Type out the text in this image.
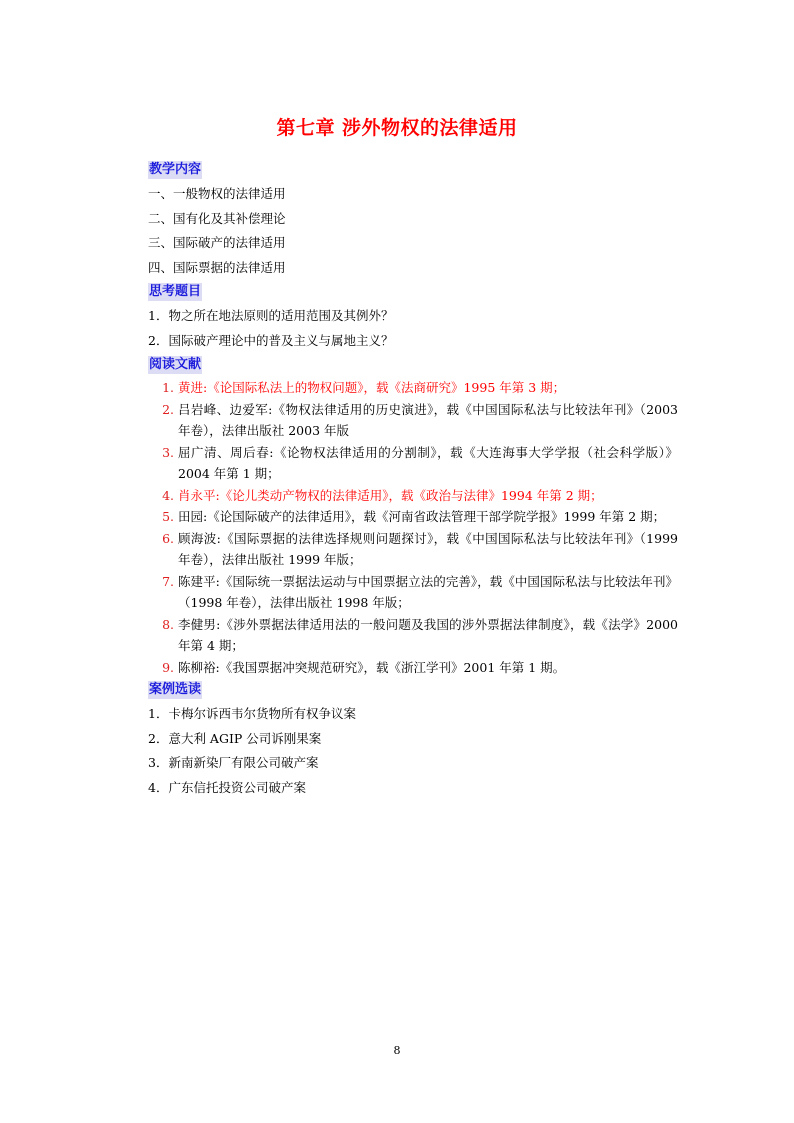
第七章 涉外物权的法律适用
教学内容
一、一般物权的法律适用
二、国有化及其补偿理论
三、国际破产的法律适用
四、国际票据的法律适用
思考题目
1．物之所在地法原则的适用范围及其例外？
2．国际破产理论中的普及主义与属地主义？
阅读文献
1. 黄进:《论国际私法上的物权问题》，载《法商研究》1995 年第 3 期；
2. 吕岩峰、边爱军:《物权法律适用的历史演进》，载《中国国际私法与比较法年刊》（2003 年卷），法律出版社 2003 年版
3. 屈广清、周后春:《论物权法律适用的分割制》，载《大连海事大学学报（社会科学版）》2004 年第 1 期；
4. 肖永平:《论儿类动产物权的法律适用》，载《政治与法律》1994 年第 2 期；
5. 田园:《论国际破产的法律适用》，载《河南省政法管理干部学院学报》1999 年第 2 期；
6. 顾海波:《国际票据的法律选择规则问题探讨》，载《中国国际私法与比较法年刊》（1999 年卷），法律出版社 1999 年版；
7. 陈建平:《国际统一票据法运动与中国票据立法的完善》，载《中国国际私法与比较法年刊》（1998 年卷），法律出版社 1998 年版；
8. 李健男:《涉外票据法律适用法的一般问题及我国的涉外票据法律制度》，载《法学》2000 年第 4 期；
9. 陈柳裕:《我国票据冲突规范研究》，载《浙江学刊》2001 年第 1 期。
案例选读
1．卡梅尔诉西韦尔货物所有权争议案
2．意大利 AGIP 公司诉刚果案
3．新南新染厂有限公司破产案
4．广东信托投资公司破产案
8
